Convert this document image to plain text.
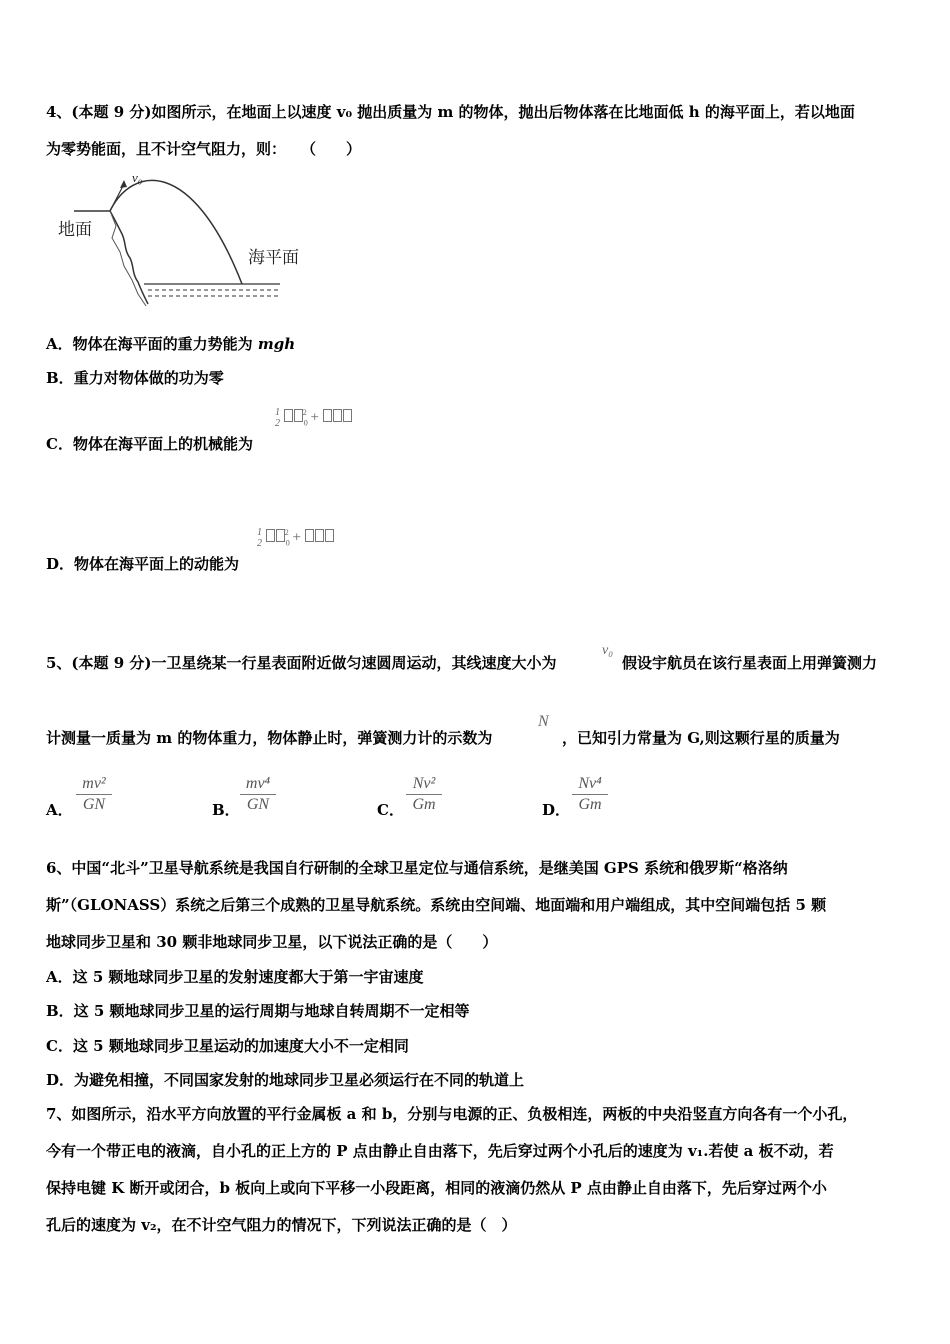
4、(本题 9 分)如图所示，在地面上以速度 v₀ 抛出质量为 m 的物体，抛出后物体落在比地面低 h 的海平面上，若以地面
为零势能面，且不计空气阻力，则：　　（　　）
地面
海平面
v₀
A．物体在海平面的重力势能为 mgh
B．重力对物体做的功为零
C．物体在海平面上的机械能为
1
2	$_0^2$ +
D．物体在海平面上的动能为
1
2	$_0^2$ +
5、(本题 9 分)一卫星绕某一行星表面附近做匀速圆周运动，其线速度大小为
v₀
假设宇航员在该行星表面上用弹簧测力
计测量一质量为 m 的物体重力，物体静止时，弹簧测力计的示数为
N
，已知引力常量为 G,则这颗行星的质量为
A．
mv²
GN	B．
mv⁴
GN	C．
Nv²
Gm	D．
Nv⁴
Gm
6、中国“北斗”卫星导航系统是我国自行研制的全球卫星定位与通信系统，是继美国 GPS 系统和俄罗斯“格洛纳
斯”（GLONASS）系统之后第三个成熟的卫星导航系统。系统由空间端、地面端和用户端组成，其中空间端包括 5 颗
地球同步卫星和 30 颗非地球同步卫星，以下说法正确的是（　　）
A．这 5 颗地球同步卫星的发射速度都大于第一宇宙速度
B．这 5 颗地球同步卫星的运行周期与地球自转周期不一定相等
C．这 5 颗地球同步卫星运动的加速度大小不一定相同
D．为避免相撞，不同国家发射的地球同步卫星必须运行在不同的轨道上
7、如图所示，沿水平方向放置的平行金属板 a 和 b，分别与电源的正、负极相连，两板的中央沿竖直方向各有一个小孔，
今有一个带正电的液滴，自小孔的正上方的 P 点由静止自由落下，先后穿过两个小孔后的速度为 v₁.若使 a 板不动，若
保持电键 K 断开或闭合，b 板向上或向下平移一小段距离，相同的液滴仍然从 P 点由静止自由落下，先后穿过两个小
孔后的速度为 v₂，在不计空气阻力的情况下，下列说法正确的是（　）
